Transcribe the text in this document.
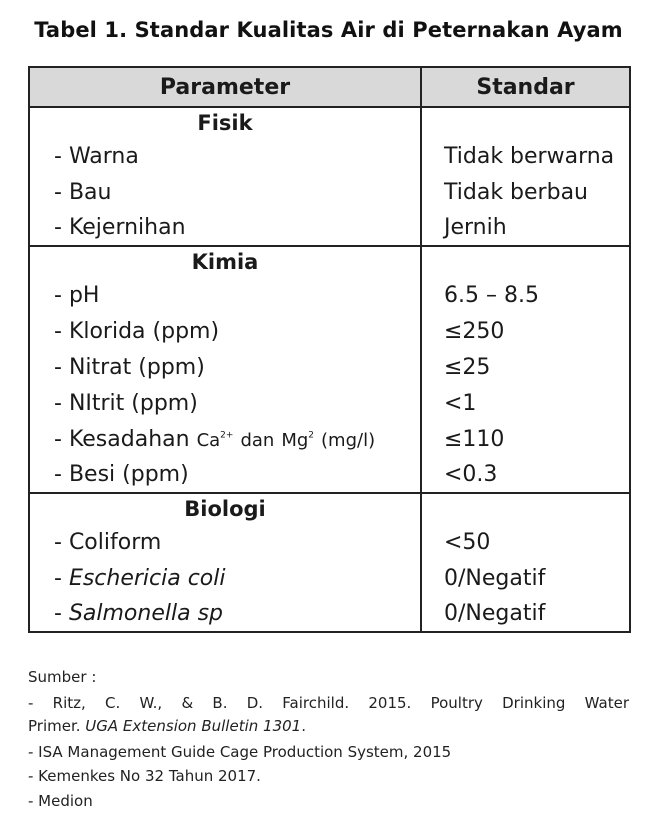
Tabel 1. Standar Kualitas Air di Peternakan Ayam
Parameter	Standar
Fisik	
- Warna	Tidak berwarna
- Bau	Tidak berbau
- Kejernihan	Jernih
Kimia	
- pH	6.5 – 8.5
- Klorida (ppm)	≤250
- Nitrat (ppm)	≤25
- NItrit (ppm)	<1
- Kesadahan $Ca^{2+}$ dan Mg$^2$ (mg/l)	≤110
- Besi (ppm)	<0.3
Biologi	
- Coliform	<50
- Eschericia coli	0/Negatif
- Salmonella sp	0/Negatif
Sumber :
- Ritz, C. W., & B. D. Fairchild. 2015. Poultry Drinking Water
Primer. UGA Extension Bulletin 1301.
- ISA Management Guide Cage Production System, 2015
- Kemenkes No 32 Tahun 2017.
- Medion
